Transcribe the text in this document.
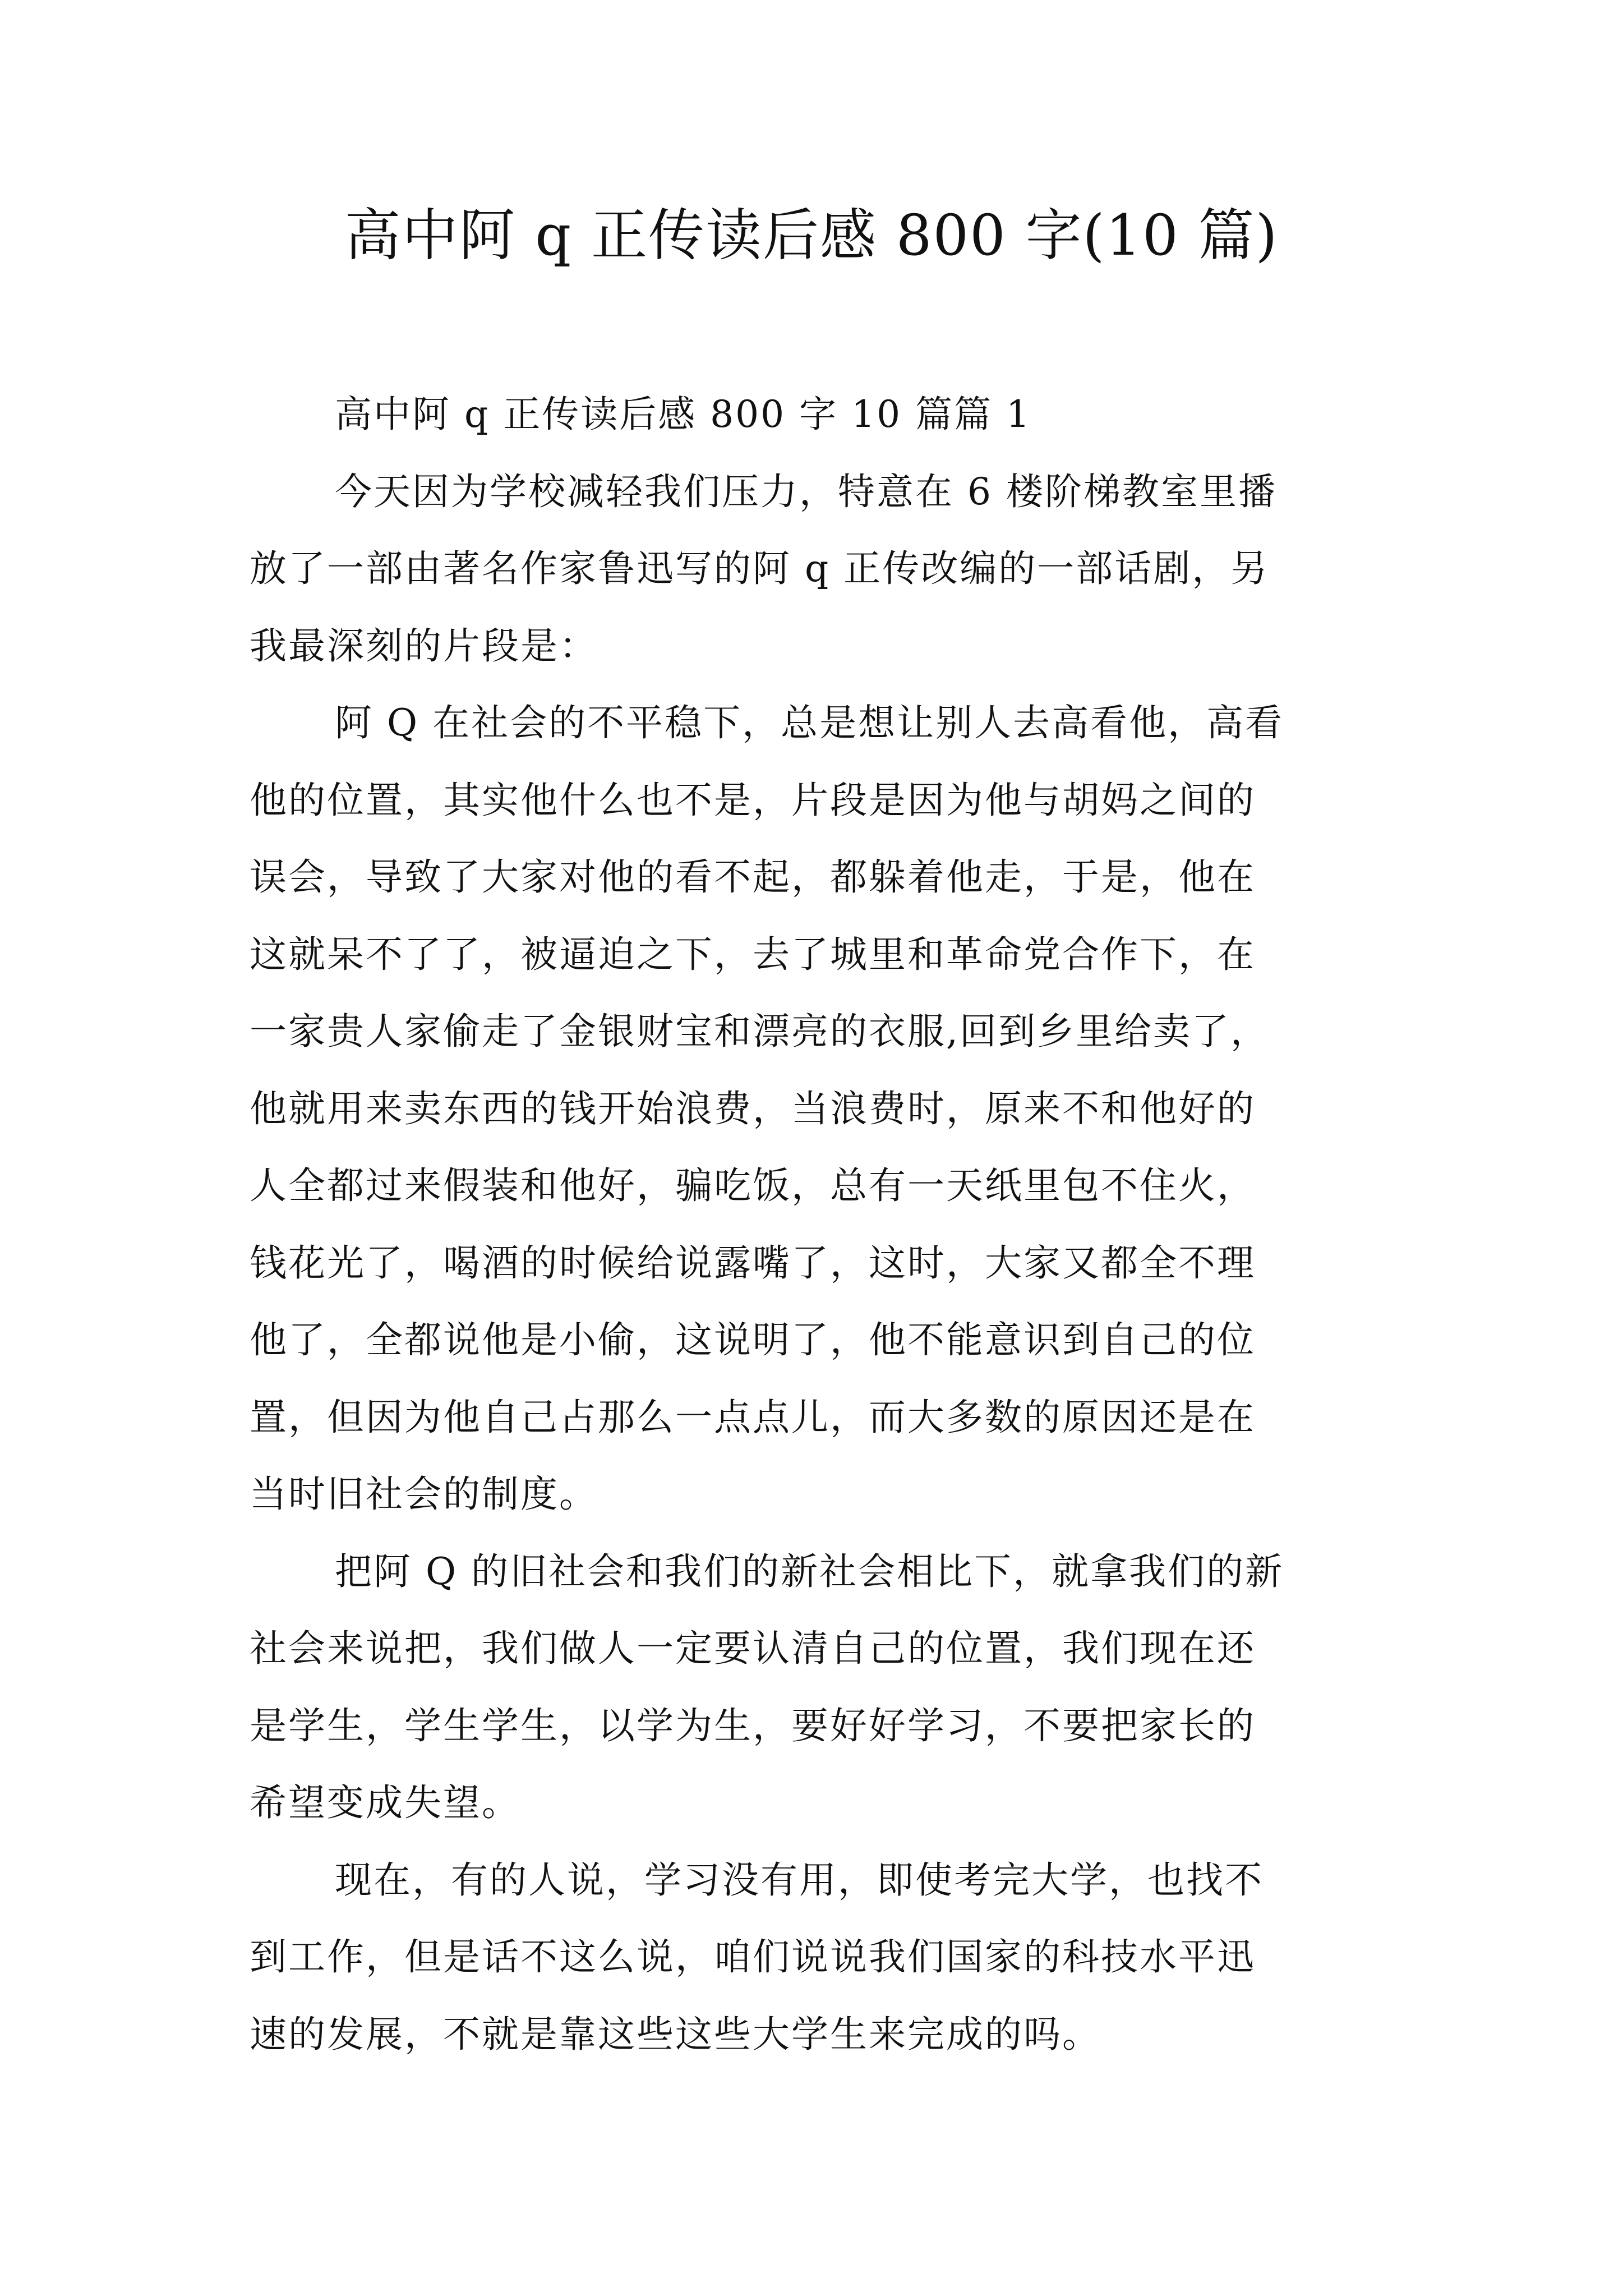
高中阿 q 正传读后感 800 字(10 篇)
高中阿 q 正传读后感 800 字 10 篇篇 1
今天因为学校减轻我们压力，特意在 6 楼阶梯教室里播
放了一部由著名作家鲁迅写的阿 q 正传改编的一部话剧，另
我最深刻的片段是：
阿 Q 在社会的不平稳下，总是想让别人去高看他，高看
他的位置，其实他什么也不是，片段是因为他与胡妈之间的
误会，导致了大家对他的看不起，都躲着他走，于是，他在
这就呆不了了，被逼迫之下，去了城里和革命党合作下，在
一家贵人家偷走了金银财宝和漂亮的衣服,回到乡里给卖了，
他就用来卖东西的钱开始浪费，当浪费时，原来不和他好的
人全都过来假装和他好，骗吃饭，总有一天纸里包不住火，
钱花光了，喝酒的时候给说露嘴了，这时，大家又都全不理
他了，全都说他是小偷，这说明了，他不能意识到自己的位
置，但因为他自己占那么一点点儿，而大多数的原因还是在
当时旧社会的制度。
把阿 Q 的旧社会和我们的新社会相比下，就拿我们的新
社会来说把，我们做人一定要认清自己的位置，我们现在还
是学生，学生学生，以学为生，要好好学习，不要把家长的
希望变成失望。
现在，有的人说，学习没有用，即使考完大学，也找不
到工作，但是话不这么说，咱们说说我们国家的科技水平迅
速的发展，不就是靠这些这些大学生来完成的吗。
